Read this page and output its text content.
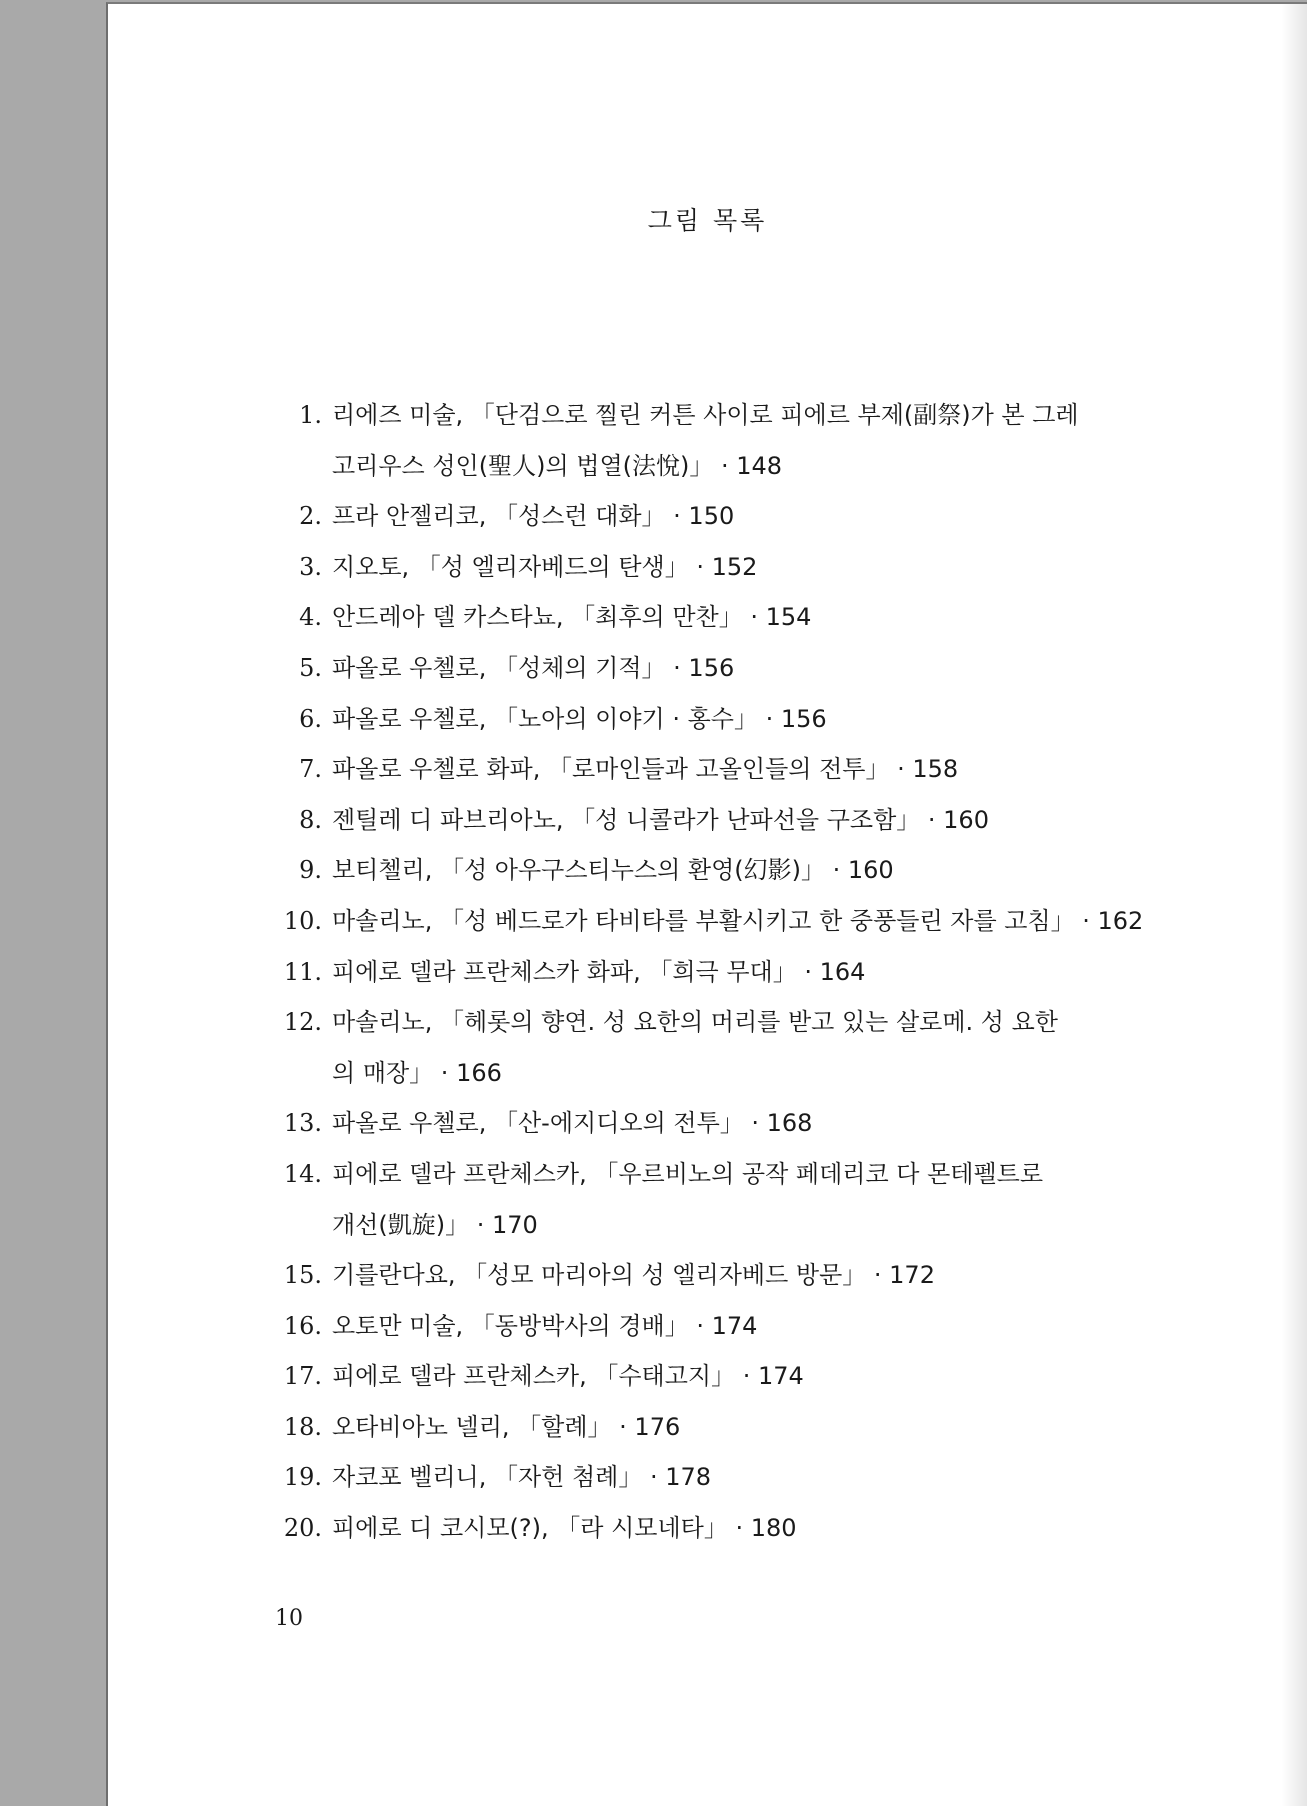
그림 목록
1. 리에즈 미술, 「단검으로 찔린 커튼 사이로 피에르 부제(副祭)가 본 그레
고리우스 성인(聖人)의 법열(法悅)」 · 148
2. 프라 안젤리코, 「성스런 대화」 · 150
3. 지오토, 「성 엘리자베드의 탄생」 · 152
4. 안드레아 델 카스타뇨, 「최후의 만찬」 · 154
5. 파올로 우첼로, 「성체의 기적」 · 156
6. 파올로 우첼로, 「노아의 이야기 · 홍수」 · 156
7. 파올로 우첼로 화파, 「로마인들과 고올인들의 전투」 · 158
8. 젠틸레 디 파브리아노, 「성 니콜라가 난파선을 구조함」 · 160
9. 보티첼리, 「성 아우구스티누스의 환영(幻影)」 · 160
10. 마솔리노, 「성 베드로가 타비타를 부활시키고 한 중풍들린 자를 고침」 · 162
11. 피에로 델라 프란체스카 화파, 「희극 무대」 · 164
12. 마솔리노, 「헤롯의 향연. 성 요한의 머리를 받고 있는 살로메. 성 요한
의 매장」 · 166
13. 파올로 우첼로, 「산-에지디오의 전투」 · 168
14. 피에로 델라 프란체스카, 「우르비노의 공작 페데리코 다 몬테펠트로
개선(凱旋)」 · 170
15. 기를란다요, 「성모 마리아의 성 엘리자베드 방문」 · 172
16. 오토만 미술, 「동방박사의 경배」 · 174
17. 피에로 델라 프란체스카, 「수태고지」 · 174
18. 오타비아노 넬리, 「할례」 · 176
19. 자코포 벨리니, 「자헌 첨례」 · 178
20. 피에로 디 코시모(?), 「라 시모네타」 · 180
10
